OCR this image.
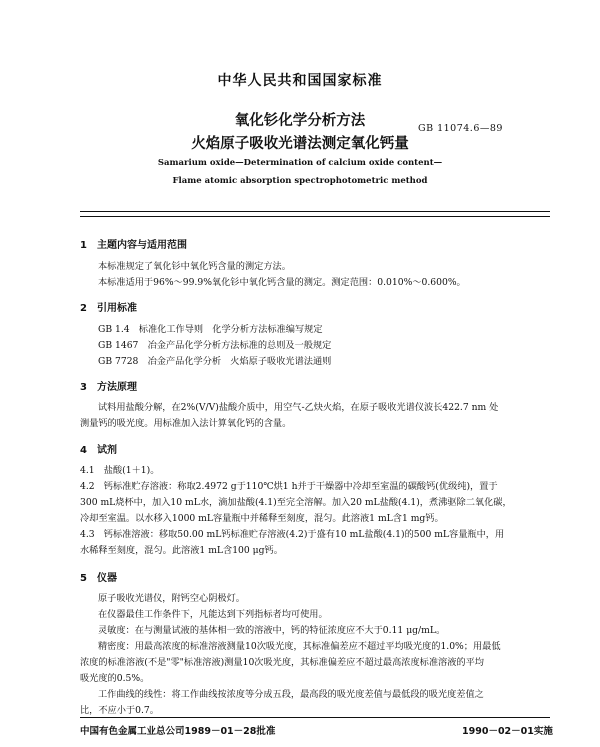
中华人民共和国国家标准
氧化钐化学分析方法
火焰原子吸收光谱法测定氧化钙量
GB 11074.6—89
Samarium oxide—Determination of calcium oxide content—
Flame atomic absorption spectrophotometric method
1　主题内容与适用范围
本标准规定了氧化钐中氧化钙含量的测定方法。
本标准适用于96%～99.9%氧化钐中氧化钙含量的测定。测定范围：0.010%～0.600%。
2　引用标准
GB 1.4　标准化工作导则　化学分析方法标准编写规定
GB 1467　冶金产品化学分析方法标准的总则及一般规定
GB 7728　冶金产品化学分析　火焰原子吸收光谱法通则
3　方法原理
试料用盐酸分解，在2%(V/V)盐酸介质中，用空气-乙炔火焰，在原子吸收光谱仪波长422.7 nm 处
测量钙的吸光度。用标准加入法计算氧化钙的含量。
4　试剂
4.1　盐酸(1＋1)。
4.2　钙标准贮存溶液：称取2.4972 g于110℃烘1 h并于干燥器中冷却至室温的碳酸钙(优级纯)，置于
300 mL烧杯中，加入10 mL水，滴加盐酸(4.1)至完全溶解。加入20 mL盐酸(4.1)，煮沸驱除二氧化碳，
冷却至室温。以水移入1000 mL容量瓶中并稀释至刻度，混匀。此溶液1 mL含1 mg钙。
4.3　钙标准溶液：移取50.00 mL钙标准贮存溶液(4.2)于盛有10 mL盐酸(4.1)的500 mL容量瓶中，用
水稀释至刻度，混匀。此溶液1 mL含100 μg钙。
5　仪器
原子吸收光谱仪，附钙空心阴极灯。
在仪器最佳工作条件下，凡能达到下列指标者均可使用。
灵敏度：在与测量试液的基体相一致的溶液中，钙的特征浓度应不大于0.11 μg/mL。
精密度：用最高浓度的标准溶液测量10次吸光度，其标准偏差应不超过平均吸光度的1.0%；用最低
浓度的标准溶液(不是"零"标准溶液)测量10次吸光度，其标准偏差应不超过最高浓度标准溶液的平均
吸光度的0.5%。
工作曲线的线性：将工作曲线按浓度等分成五段，最高段的吸光度差值与最低段的吸光度差值之
比，不应小于0.7。
中国有色金属工业总公司1989－01－28批准	1990－02－01实施
